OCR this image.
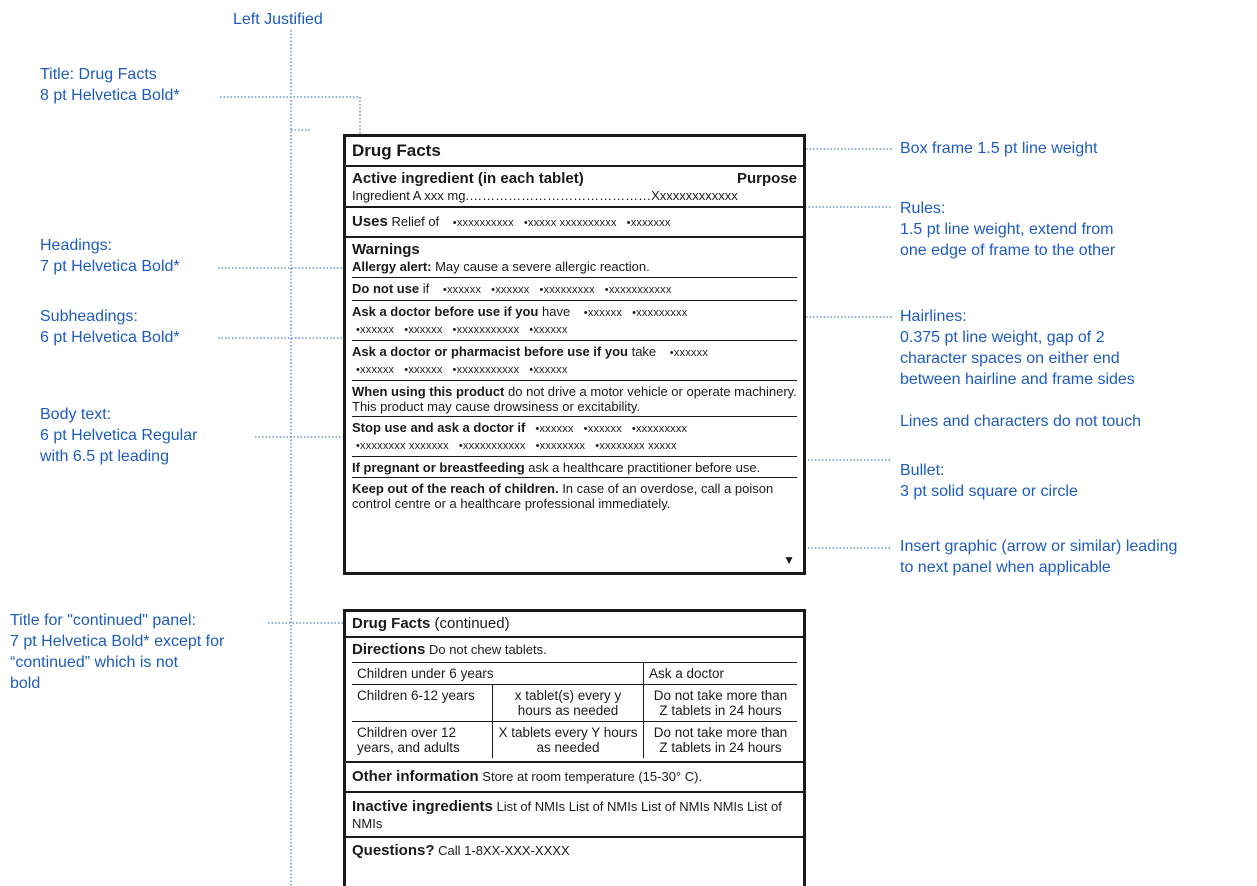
Left Justified
Title: Drug Facts
8 pt Helvetica Bold*
Headings:
7 pt Helvetica Bold*
Subheadings:
6 pt Helvetica Bold*
Body text:
6 pt Helvetica Regular
with 6.5 pt leading
Title for "continued" panel:
7 pt Helvetica Bold* except for
“continued” which is not
bold
Box frame 1.5 pt line weight
Rules:
1.5 pt line weight, extend from
one edge of frame to the other
Hairlines:
0.375 pt line weight, gap of 2
character spaces on either end
between hairline and frame sides
Lines and characters do not touch
Bullet:
3 pt solid square or circle
Insert graphic (arrow or similar) leading
to next panel when applicable
Drug Facts
Active ingredient (in each tablet)	Purpose
Ingredient A xxx mg.……………………………………Xxxxxxxxxxxxx
Uses Relief of •xxxxxxxxxx •xxxxx xxxxxxxxxx •xxxxxxx
Warnings
Allergy alert: May cause a severe allergic reaction.
Do not use if •xxxxxx •xxxxxx •xxxxxxxxx •xxxxxxxxxxx
Ask a doctor before use if you have •xxxxxx •xxxxxxxxx
•xxxxxx •xxxxxx •xxxxxxxxxxx •xxxxxx
Ask a doctor or pharmacist before use if you take •xxxxxx
•xxxxxx •xxxxxx •xxxxxxxxxxx •xxxxxx
When using this product do not drive a motor vehicle or operate machinery. This product may cause drowsiness or excitability.
Stop use and ask a doctor if •xxxxxx •xxxxxx •xxxxxxxxx
•xxxxxxxx xxxxxxx •xxxxxxxxxxx •xxxxxxxx •xxxxxxxx xxxxx
If pregnant or breastfeeding ask a healthcare practitioner before use.
Keep out of the reach of children. In case of an overdose, call a poison control centre or a healthcare professional immediately.
▼
Drug Facts (continued)
Directions Do not chew tablets.
Children under 6 years		Ask a doctor
Children 6-12 years	x tablet(s) every y hours as needed	Do not take more than Z tablets in 24 hours
Children over 12 years, and adults	X tablets every Y hours as needed	Do not take more than Z tablets in 24 hours
Other information Store at room temperature (15-30° C).
Inactive ingredients List of NMIs List of NMIs List of NMIs NMIs List of NMIs
Questions? Call 1-8XX-XXX-XXXX
